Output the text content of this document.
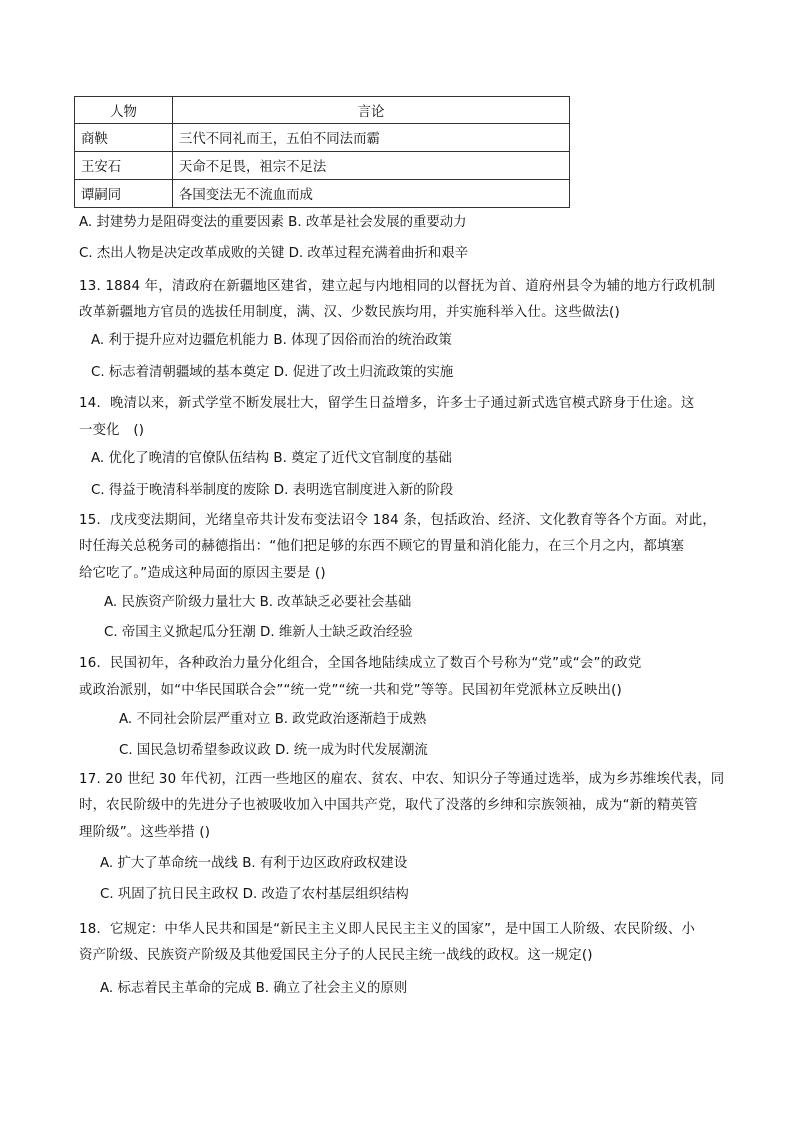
人物	言论
商鞅	三代不同礼而王，五伯不同法而霸
王安石	天命不足畏，祖宗不足法
谭嗣同	各国变法无不流血而成
A. 封建势力是阻碍变法的重要因素 B. 改革是社会发展的重要动力
C. 杰出人物是决定改革成败的关键 D. 改革过程充满着曲折和艰辛
13. 1884 年，清政府在新疆地区建省，建立起与内地相同的以督抚为首、道府州县令为辅的地方行政机制
改革新疆地方官员的选拔任用制度，满、汉、少数民族均用，并实施科举入仕。这些做法()
A. 利于提升应对边疆危机能力 B. 体现了因俗而治的统治政策
C. 标志着清朝疆域的基本奠定 D. 促进了改土归流政策的实施
14．晚清以来，新式学堂不断发展壮大，留学生日益增多，许多士子通过新式选官模式跻身于仕途。这
一变化　()
A. 优化了晚清的官僚队伍结构 B. 奠定了近代文官制度的基础
C. 得益于晚清科举制度的废除 D. 表明选官制度进入新的阶段
15．戊戌变法期间，光绪皇帝共计发布变法诏令 184 条，包括政治、经济、文化教育等各个方面。对此，
时任海关总税务司的赫德指出：“他们把足够的东西不顾它的胃量和消化能力，在三个月之内，都填塞
给它吃了。”造成这种局面的原因主要是 ()
A. 民族资产阶级力量壮大 B. 改革缺乏必要社会基础
C. 帝国主义掀起瓜分狂潮 D. 维新人士缺乏政治经验
16．民国初年，各种政治力量分化组合，全国各地陆续成立了数百个号称为“党”或“会”的政党
或政治派别，如“中华民国联合会”“统一党”“统一共和党”等等。民国初年党派林立反映出()
A. 不同社会阶层严重对立 B. 政党政治逐渐趋于成熟
C. 国民急切希望参政议政 D. 统一成为时代发展潮流
17. 20 世纪 30 年代初，江西一些地区的雇农、贫农、中农、知识分子等通过选举，成为乡苏维埃代表，同
时，农民阶级中的先进分子也被吸收加入中国共产党，取代了没落的乡绅和宗族领袖，成为“新的精英管
理阶级”。这些举措 ()
A. 扩大了革命统一战线 B. 有利于边区政府政权建设
C. 巩固了抗日民主政权 D. 改造了农村基层组织结构
18．它规定：中华人民共和国是“新民主主义即人民民主主义的国家”，是中国工人阶级、农民阶级、小
资产阶级、民族资产阶级及其他爱国民主分子的人民民主统一战线的政权。这一规定()
A. 标志着民主革命的完成 B. 确立了社会主义的原则
